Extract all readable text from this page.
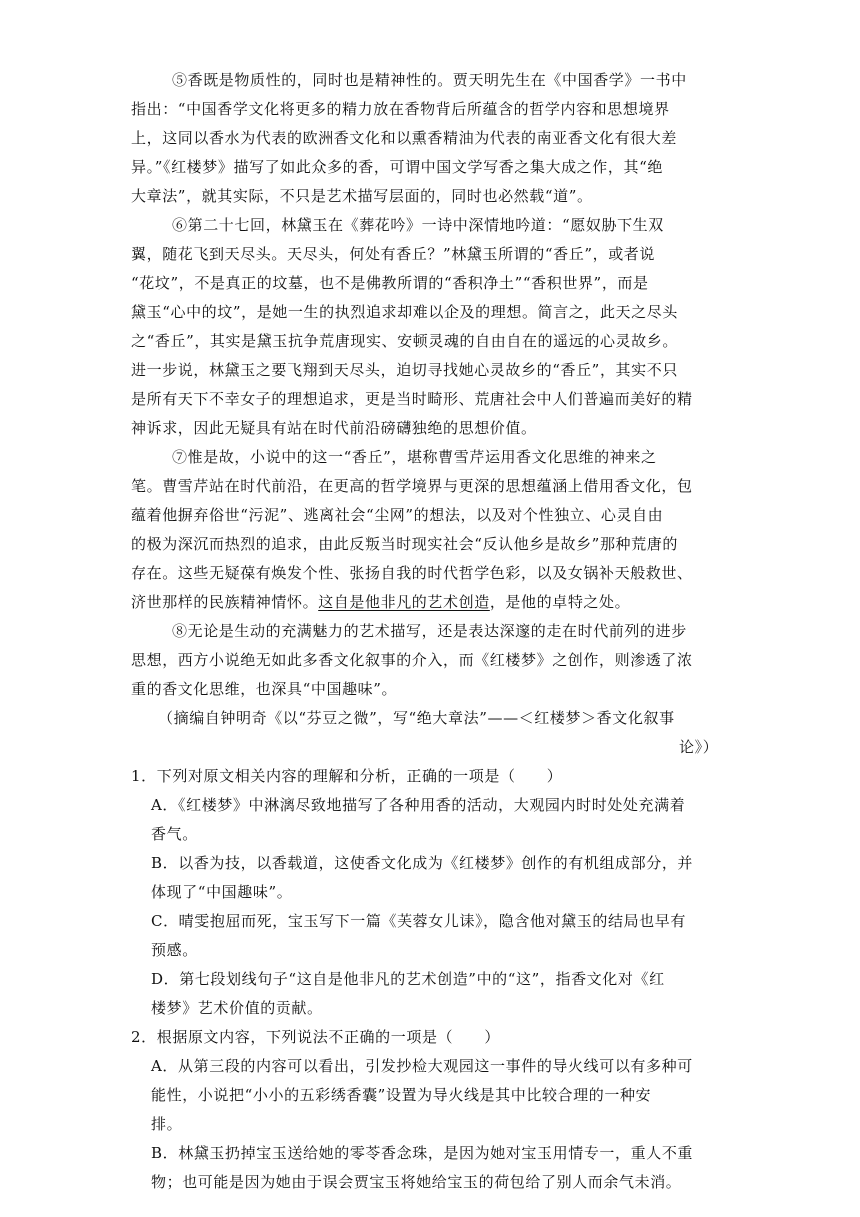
⑤香既是物质性的，同时也是精神性的。贾天明先生在《中国香学》一书中
指出：“中国香学文化将更多的精力放在香物背后所蕴含的哲学内容和思想境界
上，这同以香水为代表的欧洲香文化和以熏香精油为代表的南亚香文化有很大差
异。”《红楼梦》描写了如此众多的香，可谓中国文学写香之集大成之作，其“绝
大章法”，就其实际，不只是艺术描写层面的，同时也必然载“道”。
⑥第二十七回，林黛玉在《葬花吟》一诗中深情地吟道：“愿奴胁下生双
翼，随花飞到天尽头。天尽头，何处有香丘？”林黛玉所谓的“香丘”，或者说
“花坟”，不是真正的坟墓，也不是佛教所谓的“香积净土”“香积世界”，而是
黛玉“心中的坟”，是她一生的执烈追求却难以企及的理想。简言之，此天之尽头
之“香丘”，其实是黛玉抗争荒唐现实、安顿灵魂的自由自在的遥远的心灵故乡。
进一步说，林黛玉之要飞翔到天尽头，迫切寻找她心灵故乡的“香丘”，其实不只
是所有天下不幸女子的理想追求，更是当时畸形、荒唐社会中人们普遍而美好的精
神诉求，因此无疑具有站在时代前沿磅礴独绝的思想价值。
⑦惟是故，小说中的这一“香丘”，堪称曹雪芹运用香文化思维的神来之
笔。曹雪芹站在时代前沿，在更高的哲学境界与更深的思想蕴涵上借用香文化，包
蕴着他摒弃俗世“污泥”、逃离社会“尘网”的想法，以及对个性独立、心灵自由
的极为深沉而热烈的追求，由此反叛当时现实社会“反认他乡是故乡”那种荒唐的
存在。这些无疑葆有焕发个性、张扬自我的时代哲学色彩，以及女锅补天般救世、
济世那样的民族精神情怀。这自是他非凡的艺术创造，是他的卓特之处。
⑧无论是生动的充满魅力的艺术描写，还是表达深邃的走在时代前列的进步
思想，西方小说绝无如此多香文化叙事的介入，而《红楼梦》之创作，则渗透了浓
重的香文化思维，也深具“中国趣味”。
（摘编自钟明奇《以“芬豆之微”，写“绝大章法”——＜红楼梦＞香文化叙事
论》）
1．下列对原文相关内容的理解和分析，正确的一项是（　　）
A．《红楼梦》中淋漓尽致地描写了各种用香的活动，大观园内时时处处充满着
香气。
B．以香为技，以香载道，这使香文化成为《红楼梦》创作的有机组成部分，并
体现了“中国趣味”。
C．晴雯抱屈而死，宝玉写下一篇《芙蓉女儿诔》，隐含他对黛玉的结局也早有
预感。
D．第七段划线句子“这自是他非凡的艺术创造”中的“这”，指香文化对《红
楼梦》艺术价值的贡献。
2．根据原文内容，下列说法不正确的一项是（　　）
A．从第三段的内容可以看出，引发抄检大观园这一事件的导火线可以有多种可
能性，小说把“小小的五彩绣香囊”设置为导火线是其中比较合理的一种安
排。
B．林黛玉扔掉宝玉送给她的零苓香念珠，是因为她对宝玉用情专一，重人不重
物；也可能是因为她由于误会贾宝玉将她给宝玉的荷包给了别人而余气未消。
